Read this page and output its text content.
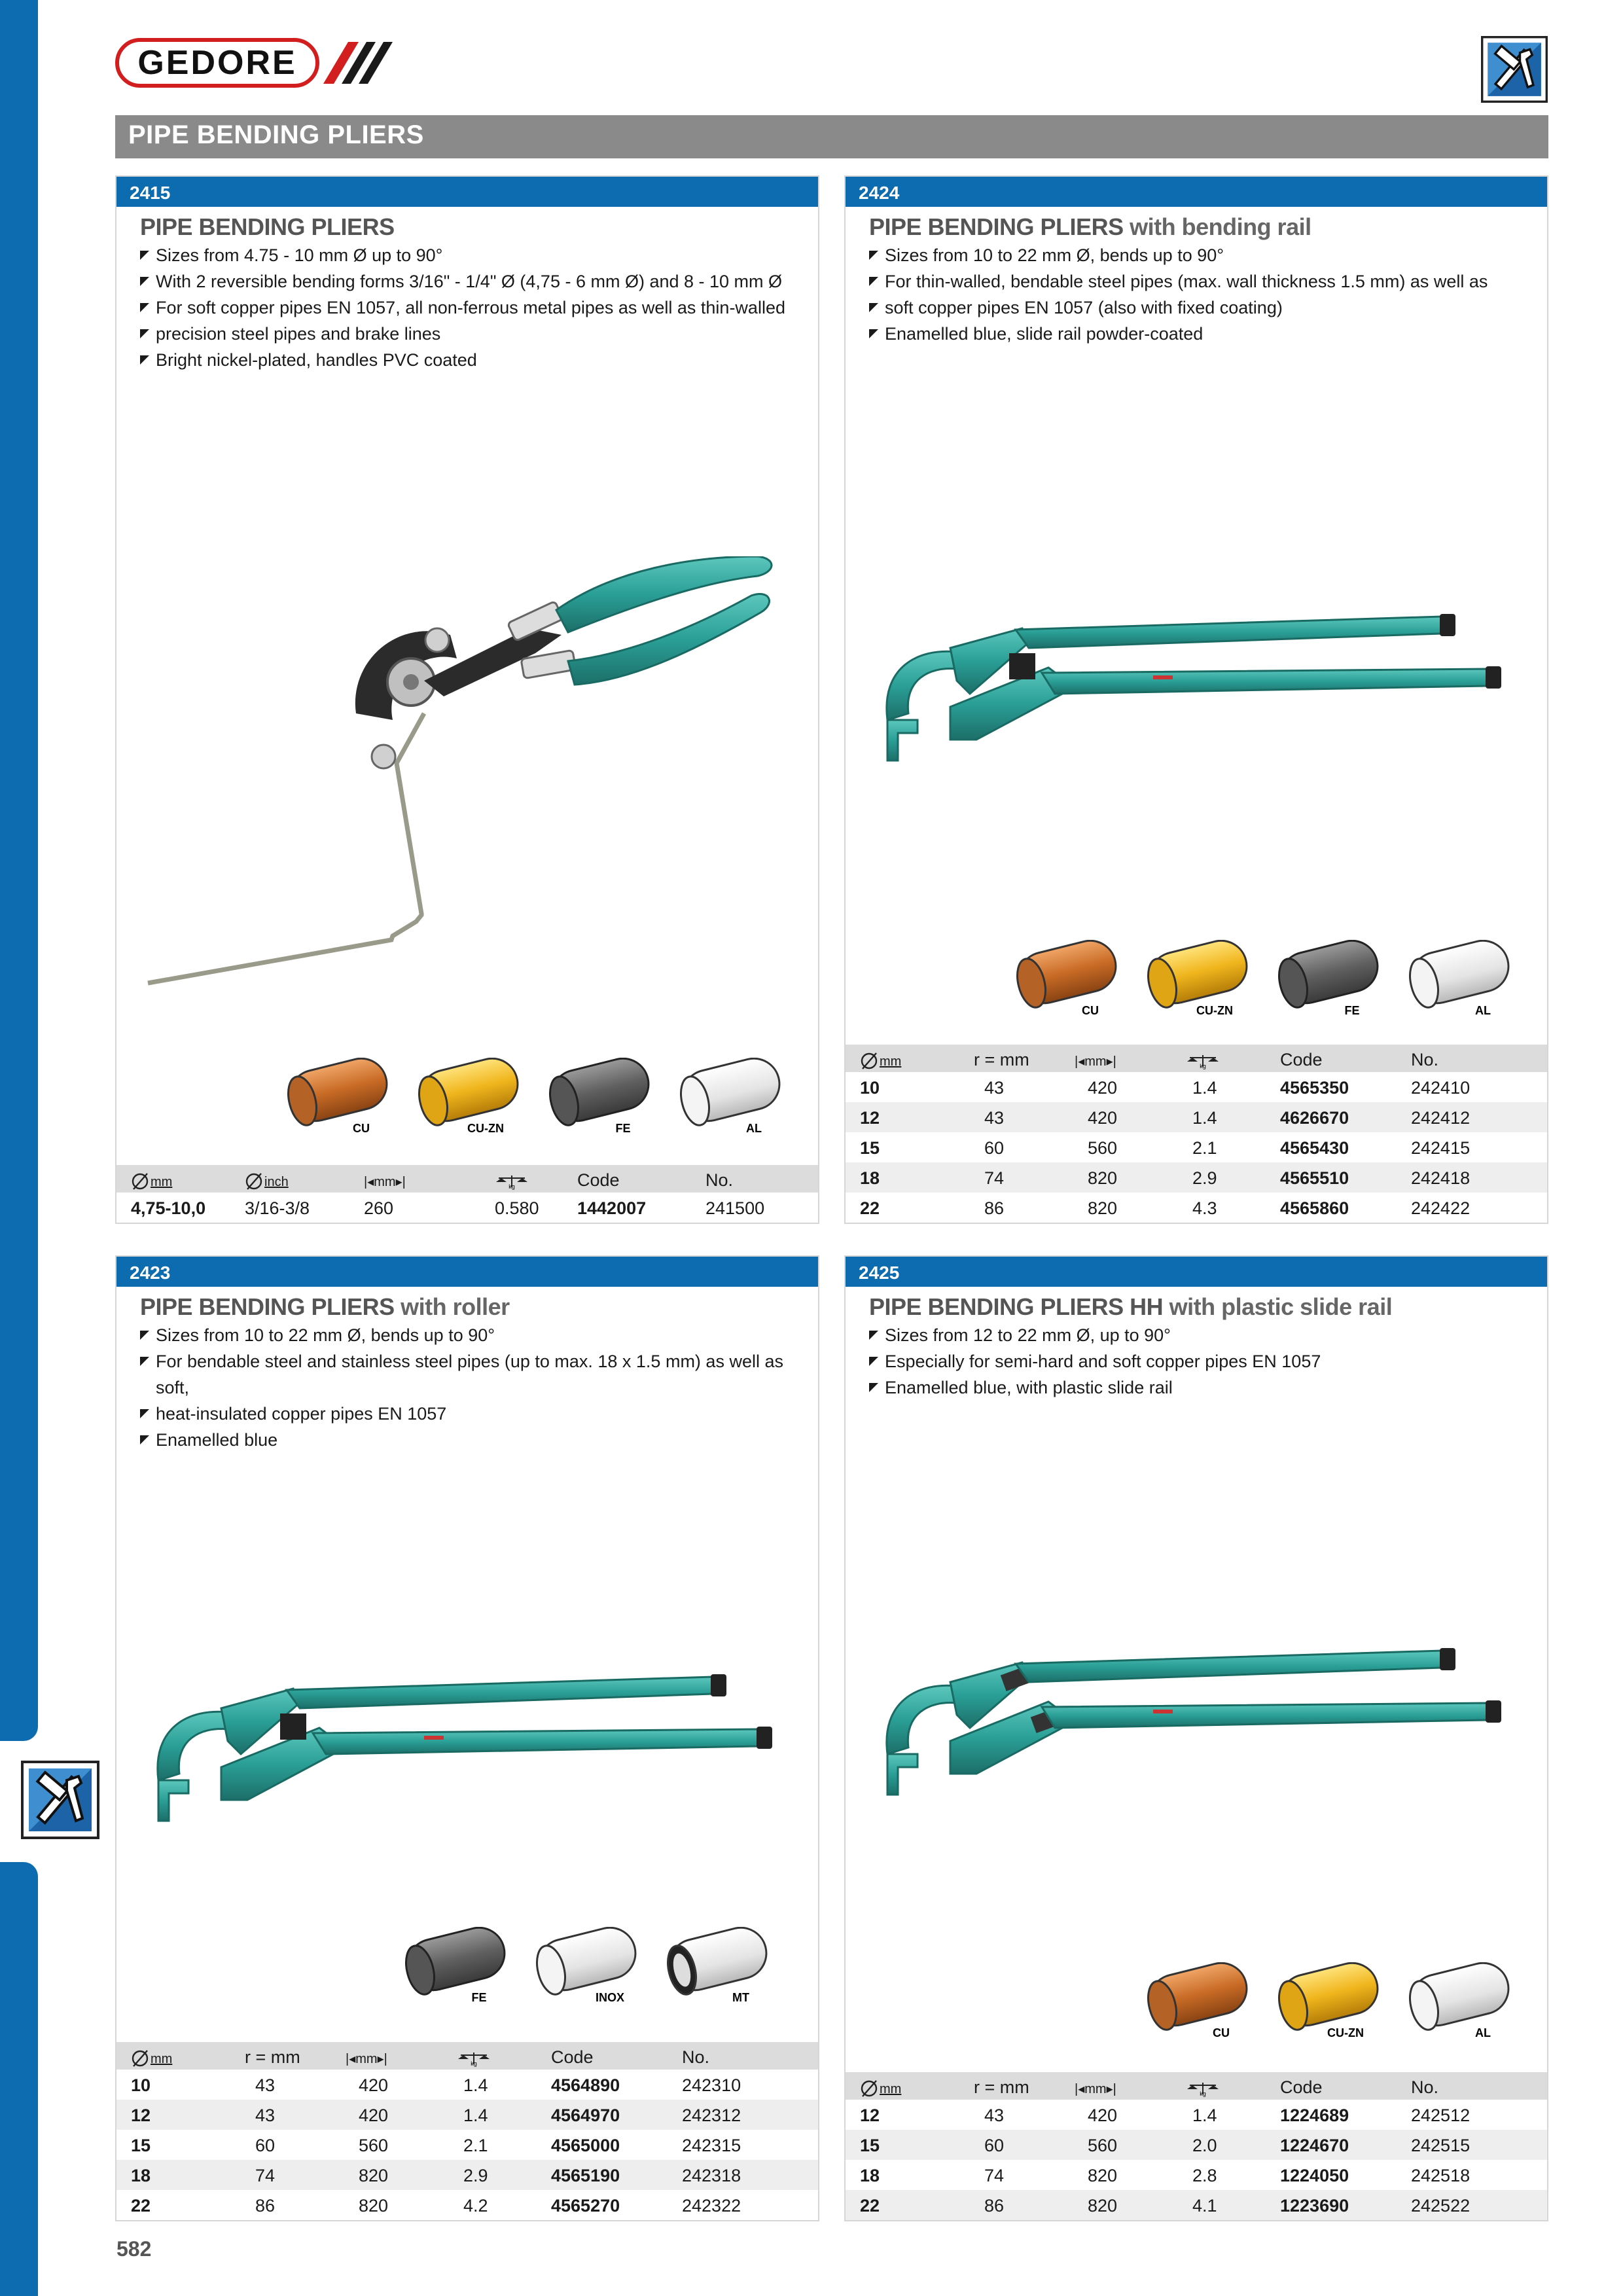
GEDORE
PIPE BENDING PLIERS
2415
PIPE BENDING PLIERS
Sizes from 4.75 - 10 mm Ø up to 90°
With 2 reversible bending forms 3/16" - 1/4" Ø (4,75 - 6 mm Ø) and 8 - 10 mm Ø
For soft copper pipes EN 1057, all non-ferrous metal pipes as well as thin-walled
precision steel pipes and brake lines
Bright nickel-plated, handles PVC coated
CU	CU-ZN	FE	AL
mm	inch	|◂mm▸|	kg	Code	No.
4,75-10,0 3/16-3/8	260	0.580 1442007	241500
2424
PIPE BENDING PLIERS with bending rail
Sizes from 10 to 22 mm Ø, bends up to 90°
For thin-walled, bendable steel pipes (max. wall thickness 1.5 mm) as well as
soft copper pipes EN 1057 (also with fixed coating)
Enamelled blue, slide rail powder-coated
CU	CU-ZN	FE	AL
mm	r = mm	|◂mm▸|	kg	Code	No.
10	43	420	1.4	4565350	242410
12	43	420	1.4	4626670	242412
15	60	560	2.1	4565430	242415
18	74	820	2.9	4565510	242418
22	86	820	4.3	4565860	242422
2423
PIPE BENDING PLIERS with roller
Sizes from 10 to 22 mm Ø, bends up to 90°
For bendable steel and stainless steel pipes (up to max. 18 x 1.5 mm) as well as soft,
heat-insulated copper pipes EN 1057
Enamelled blue
FE	INOX	MT
mm	r = mm	|◂mm▸|	kg	Code	No.
10	43	420	1.4	4564890	242310
12	43	420	1.4	4564970	242312
15	60	560	2.1	4565000	242315
18	74	820	2.9	4565190	242318
22	86	820	4.2	4565270	242322
2425
PIPE BENDING PLIERS HH with plastic slide rail
Sizes from 12 to 22 mm Ø, up to 90°
Especially for semi-hard and soft copper pipes EN 1057
Enamelled blue, with plastic slide rail
CU	CU-ZN	AL
mm	r = mm	|◂mm▸|	kg	Code	No.
12	43	420	1.4	1224689	242512
15	60	560	2.0	1224670	242515
18	74	820	2.8	1224050	242518
22	86	820	4.1	1223690	242522
582
